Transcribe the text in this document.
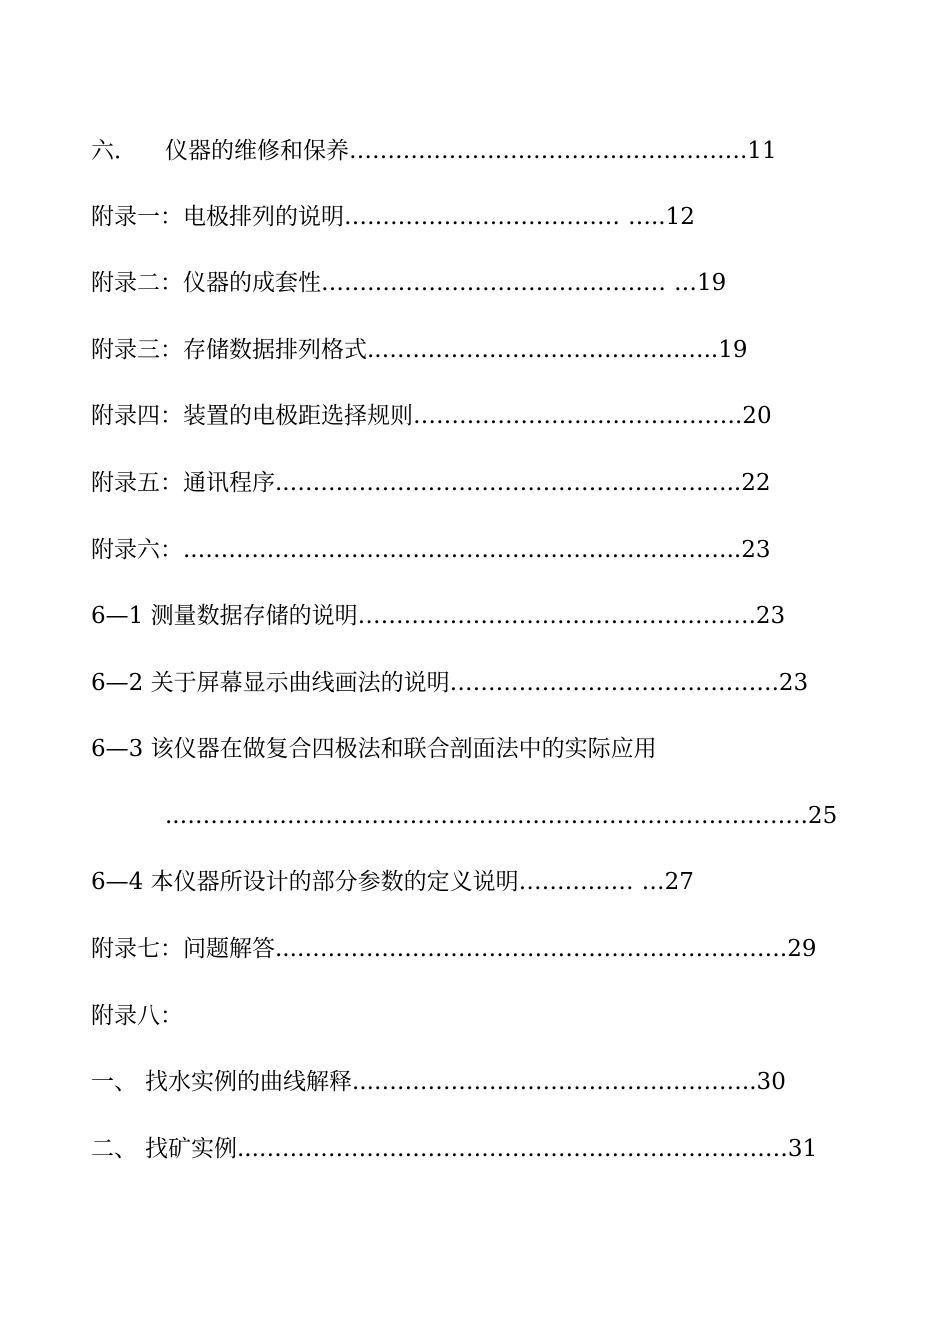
六． 仪器的维修和保养…………………………………………….11
附录一：电极排列的说明……………………………… …..12
附录二：仪器的成套性……………………………………… …19
附录三：存储数据排列格式..……………………………………..19
附录四：装置的电极距选择规则…………………………………….20
附录五：通讯程序..…………………………………………………..22
附录六：..……………………………………………………………..23
6—1 测量数据存储的说明…………………………………………….23
6—2 关于屏幕显示曲线画法的说明…………………………………….23
6—3 该仪器在做复合四极法和联合剖面法中的实际应用
..……………………………………………………………………….25
6—4 本仪器所设计的部分参数的定义说明…………… …27
附录七：问题解答...……………………………………………………….29
附录八：
一、 找水实例的曲线解释...…………………………………………..30
二、 找矿实例...……………………………………………………………31
